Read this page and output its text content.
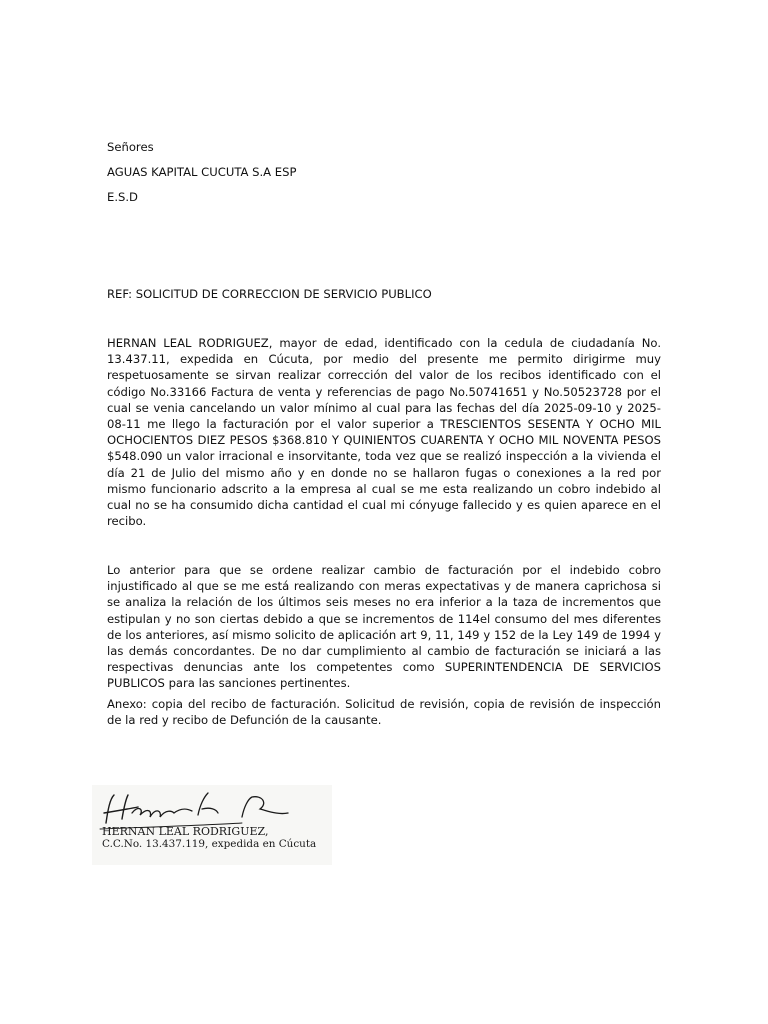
Señores
AGUAS KAPITAL CUCUTA S.A ESP
E.S.D
REF: SOLICITUD DE CORRECCION DE SERVICIO PUBLICO

HERNAN LEAL RODRIGUEZ, mayor de edad, identificado con la cedula de ciudadanía No. 13.437.11, expedida en Cúcuta, por medio del presente me permito dirigirme muy respetuosamente se sirvan realizar corrección del valor de los recibos identificado con el código No.33166 Factura de venta y referencias de pago No.50741651 y No.50523728 por el cual se venia cancelando un valor mínimo al cual para las fechas del día 2025-09-10 y 2025-08-11 me llego la facturación por el valor superior a TRESCIENTOS SESENTA Y OCHO MIL OCHOCIENTOS DIEZ PESOS $368.810 Y QUINIENTOS CUARENTA Y OCHO MIL NOVENTA PESOS $548.090 un valor irracional e insorvitante, toda vez que se realizó inspección a la vivienda el día 21 de Julio del mismo año y en donde no se hallaron fugas o conexiones a la red por mismo funcionario adscrito a la empresa al cual se me esta realizando un cobro indebido al cual no se ha consumido dicha cantidad el cual mi cónyuge fallecido y es quien aparece en el recibo.

Lo anterior para que se ordene realizar cambio de facturación por el indebido cobro injustificado al que se me está realizando con meras expectativas y de manera caprichosa si se analiza la relación de los últimos seis meses no era inferior a la taza de incrementos que estipulan y no son ciertas debido a que se incrementos de 114el consumo del mes diferentes de los anteriores, así mismo solicito de aplicación art 9, 11, 149 y 152 de la Ley 149 de 1994 y las demás concordantes. De no dar cumplimiento al cambio de facturación se iniciará a las respectivas denuncias ante los competentes como SUPERINTENDENCIA DE SERVICIOS PUBLICOS para las sanciones pertinentes.

Anexo: copia del recibo de facturación. Solicitud de revisión, copia de revisión de inspección de la red y recibo de Defunción de la causante.

HERNAN LEAL RODRIGUEZ,
C.C.No. 13.437.119, expedida en Cúcuta
